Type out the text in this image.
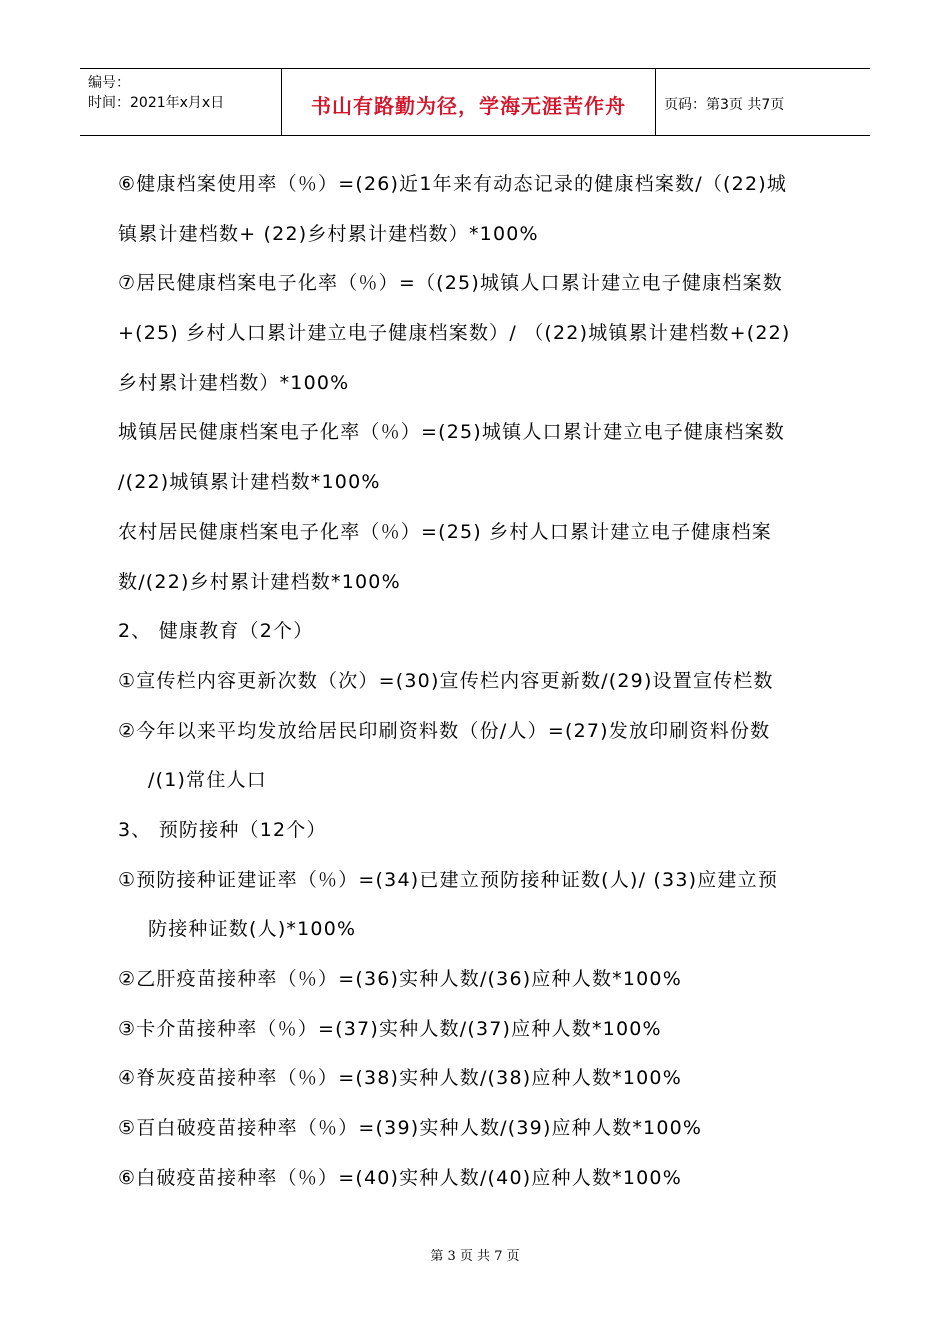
编号：
时间：2021年x月x日	书山有路勤为径，学海无涯苦作舟	页码：第3页 共7页
⑥健康档案使用率（％）=(26)近1年来有动态记录的健康档案数/（(22)城
镇累计建档数+ (22)乡村累计建档数）*100%
⑦居民健康档案电子化率（％）=（(25)城镇人口累计建立电子健康档案数
+(25) 乡村人口累计建立电子健康档案数）/ （(22)城镇累计建档数+(22)
乡村累计建档数）*100%
城镇居民健康档案电子化率（％）=(25)城镇人口累计建立电子健康档案数
/(22)城镇累计建档数*100%
农村居民健康档案电子化率（％）=(25) 乡村人口累计建立电子健康档案
数/(22)乡村累计建档数*100%
2、 健康教育（2个）
①宣传栏内容更新次数（次）=(30)宣传栏内容更新数/(29)设置宣传栏数
②今年以来平均发放给居民印刷资料数（份/人）=(27)发放印刷资料份数
/(1)常住人口
3、 预防接种（12个）
①预防接种证建证率（％）=(34)已建立预防接种证数(人)/ (33)应建立预
防接种证数(人)*100%
②乙肝疫苗接种率（％）=(36)实种人数/(36)应种人数*100%
③卡介苗接种率（％）=(37)实种人数/(37)应种人数*100%
④脊灰疫苗接种率（％）=(38)实种人数/(38)应种人数*100%
⑤百白破疫苗接种率（％）=(39)实种人数/(39)应种人数*100%
⑥白破疫苗接种率（％）=(40)实种人数/(40)应种人数*100%
第 3 页 共 7 页
